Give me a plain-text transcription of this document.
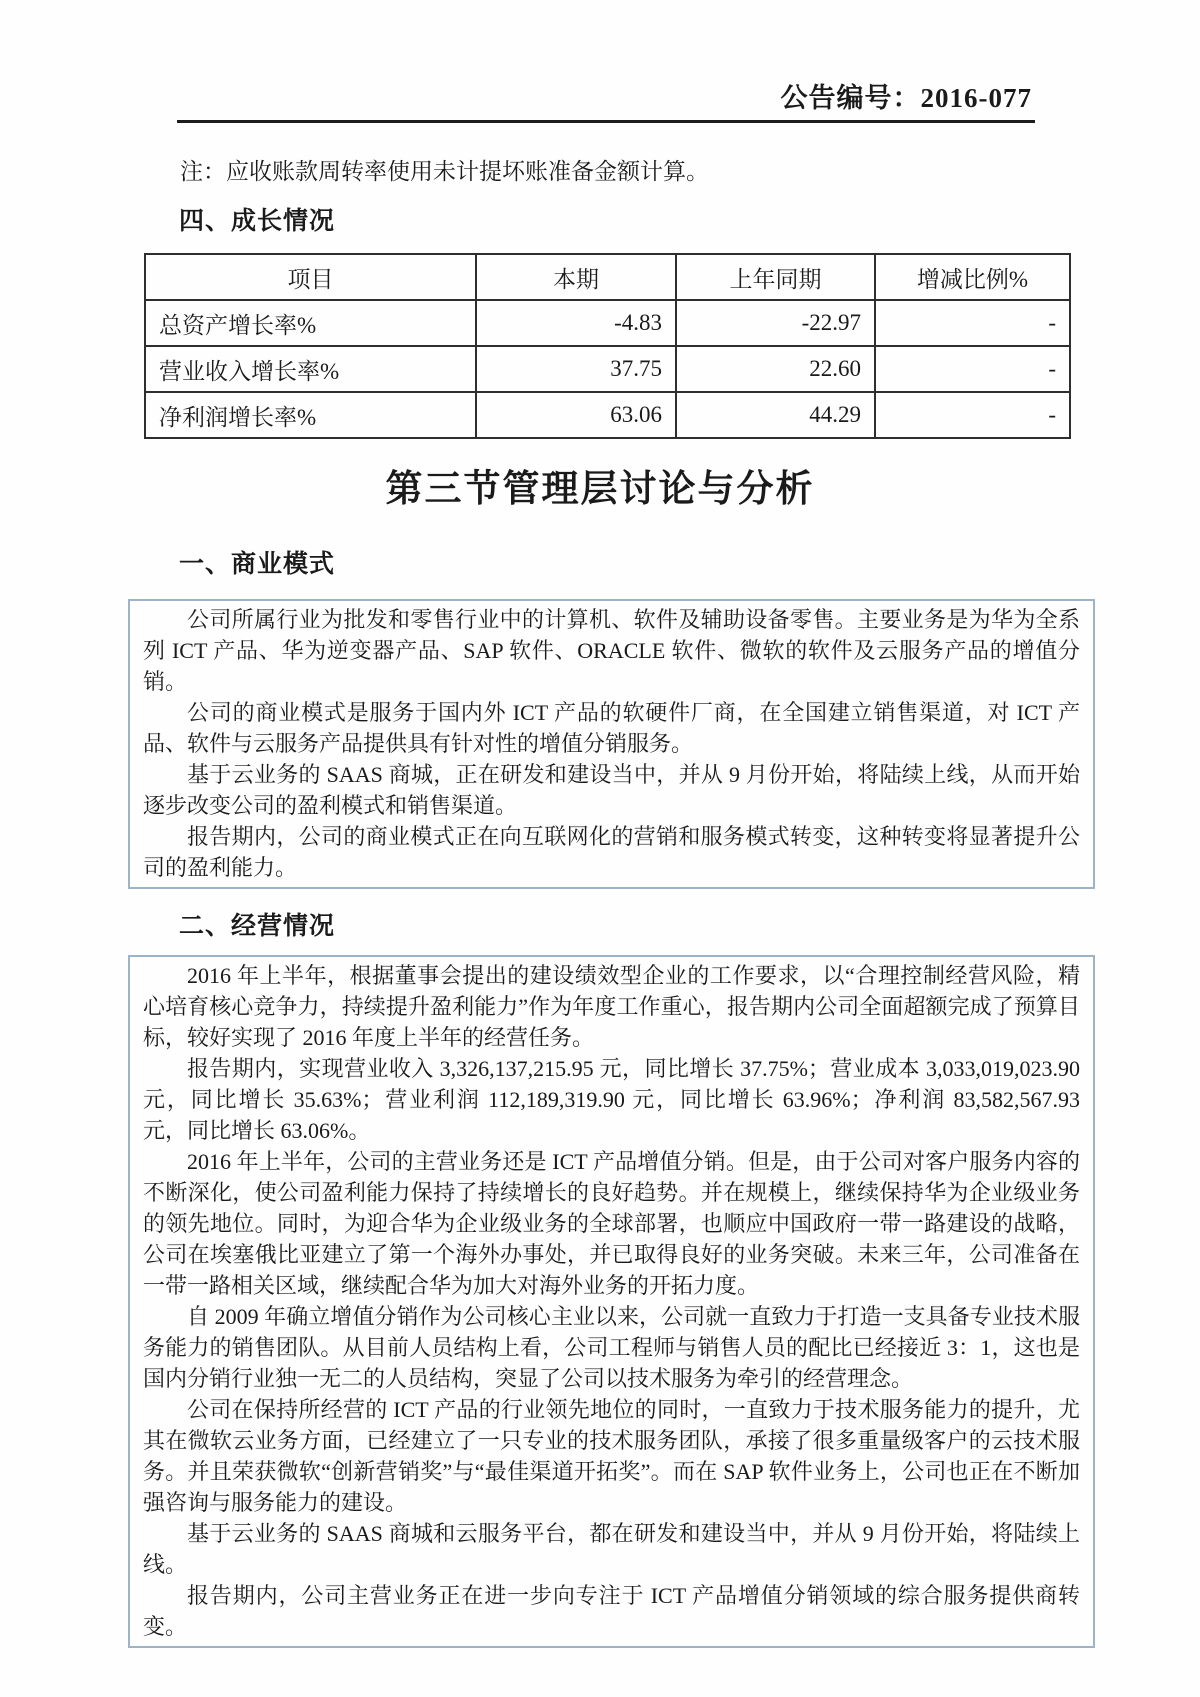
公告编号：2016-077
注：应收账款周转率使用未计提坏账准备金额计算。
四、成长情况
项目	本期	上年同期	增减比例%
总资产增长率%	-4.83	-22.97	-
营业收入增长率%	37.75	22.60	-
净利润增长率%	63.06	44.29	-
第三节管理层讨论与分析
一、商业模式

公司所属行业为批发和零售行业中的计算机、软件及辅助设备零售。主要业务是为华为全系列 ICT 产品、华为逆变器产品、SAP 软件、ORACLE 软件、微软的软件及云服务产品的增值分销。

公司的商业模式是服务于国内外 ICT 产品的软硬件厂商，在全国建立销售渠道，对 ICT 产品、软件与云服务产品提供具有针对性的增值分销服务。

基于云业务的 SAAS 商城，正在研发和建设当中，并从 9 月份开始，将陆续上线，从而开始逐步改变公司的盈利模式和销售渠道。

报告期内，公司的商业模式正在向互联网化的营销和服务模式转变，这种转变将显著提升公司的盈利能力。

二、经营情况

2016 年上半年，根据董事会提出的建设绩效型企业的工作要求，以“合理控制经营风险，精心培育核心竞争力，持续提升盈利能力”作为年度工作重心，报告期内公司全面超额完成了预算目标，较好实现了 2016 年度上半年的经营任务。

报告期内，实现营业收入 3,326,137,215.95 元，同比增长 37.75%；营业成本 3,033,019,023.90 元，同比增长 35.63%；营业利润 112,189,319.90 元，同比增长 63.96%；净利润 83,582,567.93 元，同比增长 63.06%。

2016 年上半年，公司的主营业务还是 ICT 产品增值分销。但是，由于公司对客户服务内容的不断深化，使公司盈利能力保持了持续增长的良好趋势。并在规模上，继续保持华为企业级业务的领先地位。同时，为迎合华为企业级业务的全球部署，也顺应中国政府一带一路建设的战略，公司在埃塞俄比亚建立了第一个海外办事处，并已取得良好的业务突破。未来三年，公司准备在一带一路相关区域，继续配合华为加大对海外业务的开拓力度。

自 2009 年确立增值分销作为公司核心主业以来，公司就一直致力于打造一支具备专业技术服务能力的销售团队。从目前人员结构上看，公司工程师与销售人员的配比已经接近 3：1，这也是国内分销行业独一无二的人员结构，突显了公司以技术服务为牵引的经营理念。

公司在保持所经营的 ICT 产品的行业领先地位的同时，一直致力于技术服务能力的提升，尤其在微软云业务方面，已经建立了一只专业的技术服务团队，承接了很多重量级客户的云技术服务。并且荣获微软“创新营销奖”与“最佳渠道开拓奖”。而在 SAP 软件业务上，公司也正在不断加强咨询与服务能力的建设。

基于云业务的 SAAS 商城和云服务平台，都在研发和建设当中，并从 9 月份开始，将陆续上线。

报告期内，公司主营业务正在进一步向专注于 ICT 产品增值分销领域的综合服务提供商转变。
